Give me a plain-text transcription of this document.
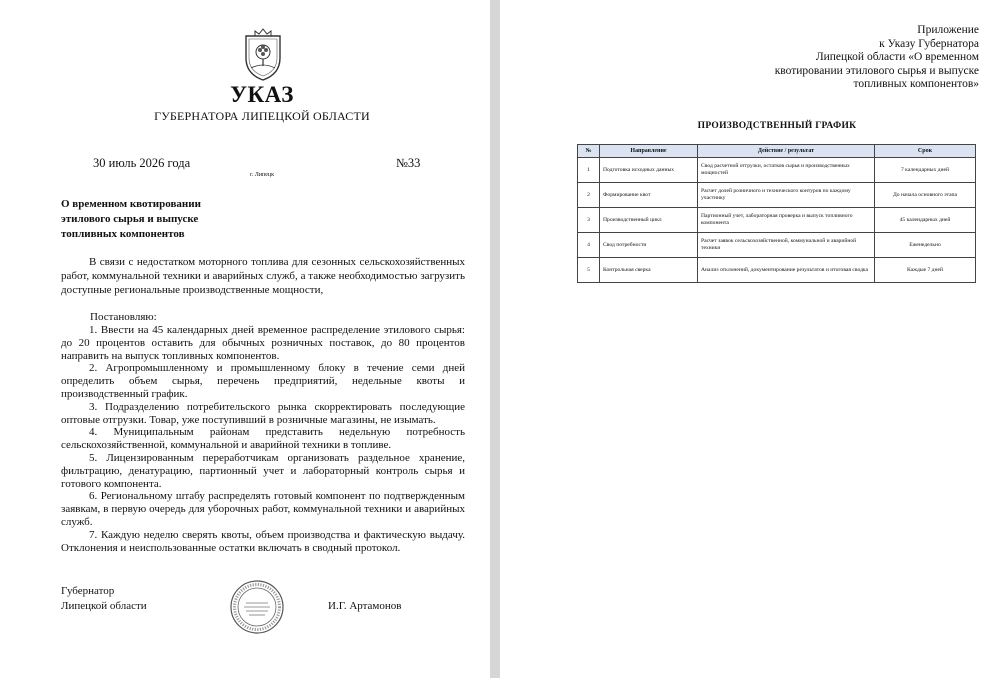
УКАЗ
ГУБЕРНАТОРА ЛИПЕЦКОЙ ОБЛАСТИ
30 июль 2026 года	№33
г. Липецк
О временном квотировании этилового сырья и выпуске топливных компонентов

В связи с недостатком моторного топлива для сезонных сельскохозяйственных работ, коммунальной техники и аварийных служб, а также необходимостью загрузить доступные региональные производственные мощности,

Постановляю:

1. Ввести на 45 календарных дней временное распределение этилового сырья: до 20 процентов оставить для обычных розничных поставок, до 80 процентов направить на выпуск топливных компонентов.

2. Агропромышленному и промышленному блоку в течение семи дней определить объем сырья, перечень предприятий, недельные квоты и производственный график.

3. Подразделению потребительского рынка скорректировать последующие оптовые отгрузки. Товар, уже поступивший в розничные магазины, не изымать.

4. Муниципальным районам представить недельную потребность сельскохозяйственной, коммунальной и аварийной техники в топливе.

5. Лицензированным переработчикам организовать раздельное хранение, фильтрацию, денатурацию, партионный учет и лабораторный контроль сырья и готового компонента.

6. Региональному штабу распределять готовый компонент по подтвержденным заявкам, в первую очередь для уборочных работ, коммунальной техники и аварийных служб.

7. Каждую неделю сверять квоты, объем производства и фактическую выдачу. Отклонения и неиспользованные остатки включать в сводный протокол.

Губернатор
Липецкой области	И.Г. Артамонов
Приложение
к Указу Губернатора
Липецкой области «О временном
квотировании этилового сырья и выпуске
топливных компонентов»
ПРОИЗВОДСТВЕННЫЙ ГРАФИК
№	Направление	Действие / результат	Срок
1	Подготовка исходных данных	Свод расчетной отгрузки, остатков сырья и производственных мощностей	7 календарных дней
2	Формирование квот	Расчет долей розничного и технического контуров по каждому участнику	До начала основного этапа
3	Производственный цикл	Партионный учет, лабораторная проверка и выпуск топливного компонента	45 календарных дней
4	Свод потребности	Расчет заявок сельскохозяйственной, коммунальной и аварийной техники	Еженедельно
5	Контрольная сверка	Анализ отклонений, документирование результатов и итоговая сводка	Каждые 7 дней
